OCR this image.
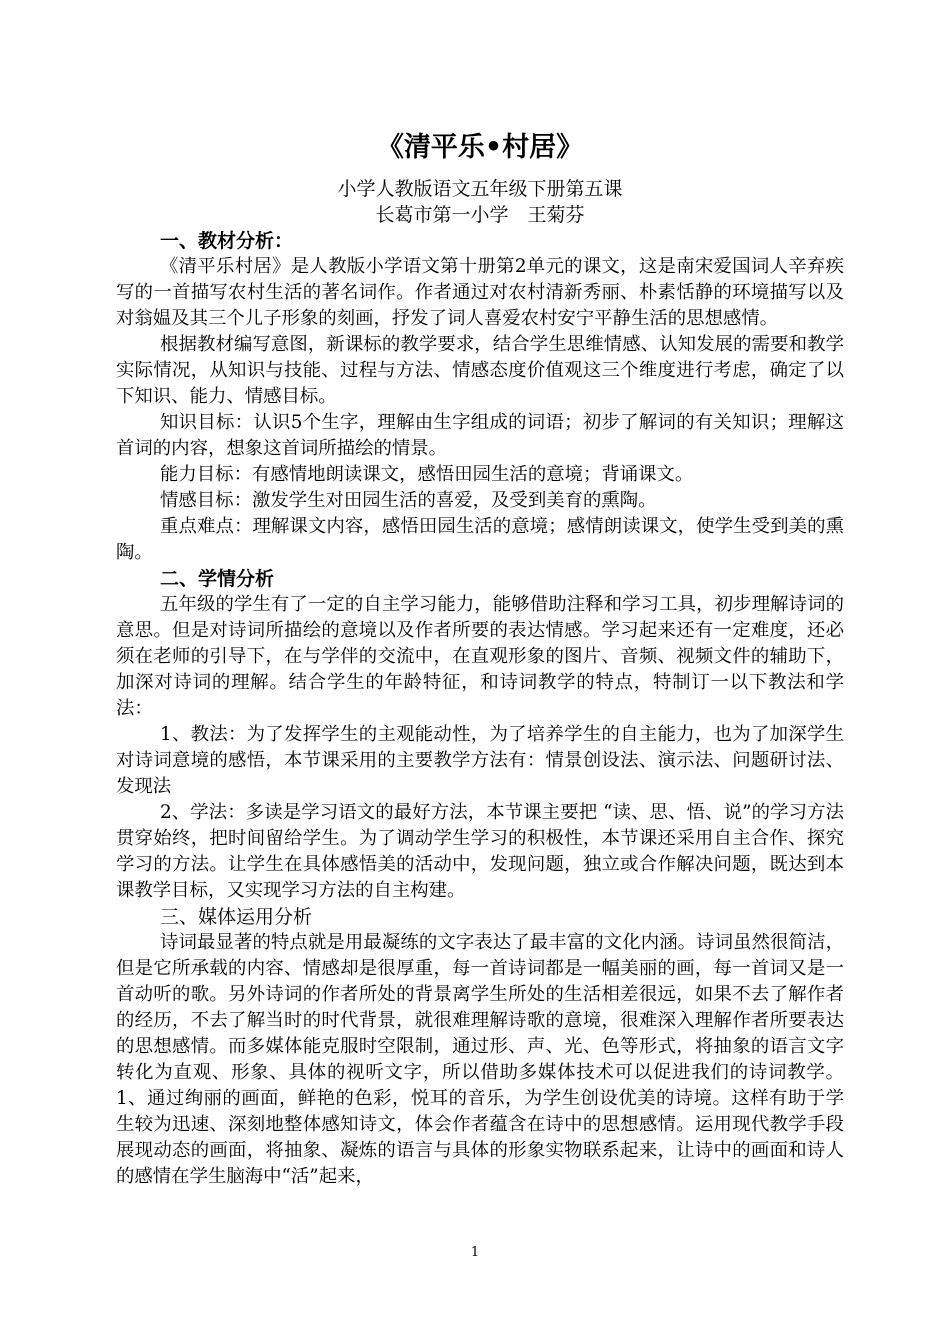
《清平乐•村居》
小学人教版语文五年级下册第五课
长葛市第一小学　王菊芬
一、教材分析：

《清平乐村居》是人教版小学语文第十册第2单元的课文，这是南宋爱国词人辛弃疾写的一首描写农村生活的著名词作。作者通过对农村清新秀丽、朴素恬静的环境描写以及对翁媪及其三个儿子形象的刻画，抒发了词人喜爱农村安宁平静生活的思想感情。

根据教材编写意图，新课标的教学要求，结合学生思维情感、认知发展的需要和教学实际情况，从知识与技能、过程与方法、情感态度价值观这三个维度进行考虑，确定了以下知识、能力、情感目标。

知识目标：认识5个生字，理解由生字组成的词语；初步了解词的有关知识；理解这首词的内容，想象这首词所描绘的情景。

能力目标：有感情地朗读课文，感悟田园生活的意境；背诵课文。

情感目标：激发学生对田园生活的喜爱，及受到美育的熏陶。

重点难点：理解课文内容，感悟田园生活的意境；感情朗读课文，使学生受到美的熏陶。

二、学情分析

五年级的学生有了一定的自主学习能力，能够借助注释和学习工具，初步理解诗词的意思。但是对诗词所描绘的意境以及作者所要的表达情感。学习起来还有一定难度，还必须在老师的引导下，在与学伴的交流中，在直观形象的图片、音频、视频文件的辅助下，加深对诗词的理解。结合学生的年龄特征，和诗词教学的特点，特制订一以下教法和学法：

1、教法：为了发挥学生的主观能动性，为了培养学生的自主能力，也为了加深学生对诗词意境的感悟，本节课采用的主要教学方法有：情景创设法、演示法、问题研讨法、发现法

2、学法：多读是学习语文的最好方法，本节课主要把 “读、思、悟、说”的学习方法贯穿始终，把时间留给学生。为了调动学生学习的积极性，本节课还采用自主合作、探究学习的方法。让学生在具体感悟美的活动中，发现问题，独立或合作解决问题，既达到本课教学目标，又实现学习方法的自主构建。

三、媒体运用分析

诗词最显著的特点就是用最凝练的文字表达了最丰富的文化内涵。诗词虽然很简洁，但是它所承载的内容、情感却是很厚重，每一首诗词都是一幅美丽的画，每一首词又是一首动听的歌。另外诗词的作者所处的背景离学生所处的生活相差很远，如果不去了解作者的经历，不去了解当时的时代背景，就很难理解诗歌的意境，很难深入理解作者所要表达的思想感情。而多媒体能克服时空限制，通过形、声、光、色等形式，将抽象的语言文字转化为直观、形象、具体的视听文字，所以借助多媒体技术可以促进我们的诗词教学。1、通过绚丽的画面，鲜艳的色彩，悦耳的音乐，为学生创设优美的诗境。这样有助于学生较为迅速、深刻地整体感知诗文，体会作者蕴含在诗中的思想感情。运用现代教学手段展现动态的画面，将抽象、凝炼的语言与具体的形象实物联系起来，让诗中的画面和诗人的感情在学生脑海中“活”起来，

1
